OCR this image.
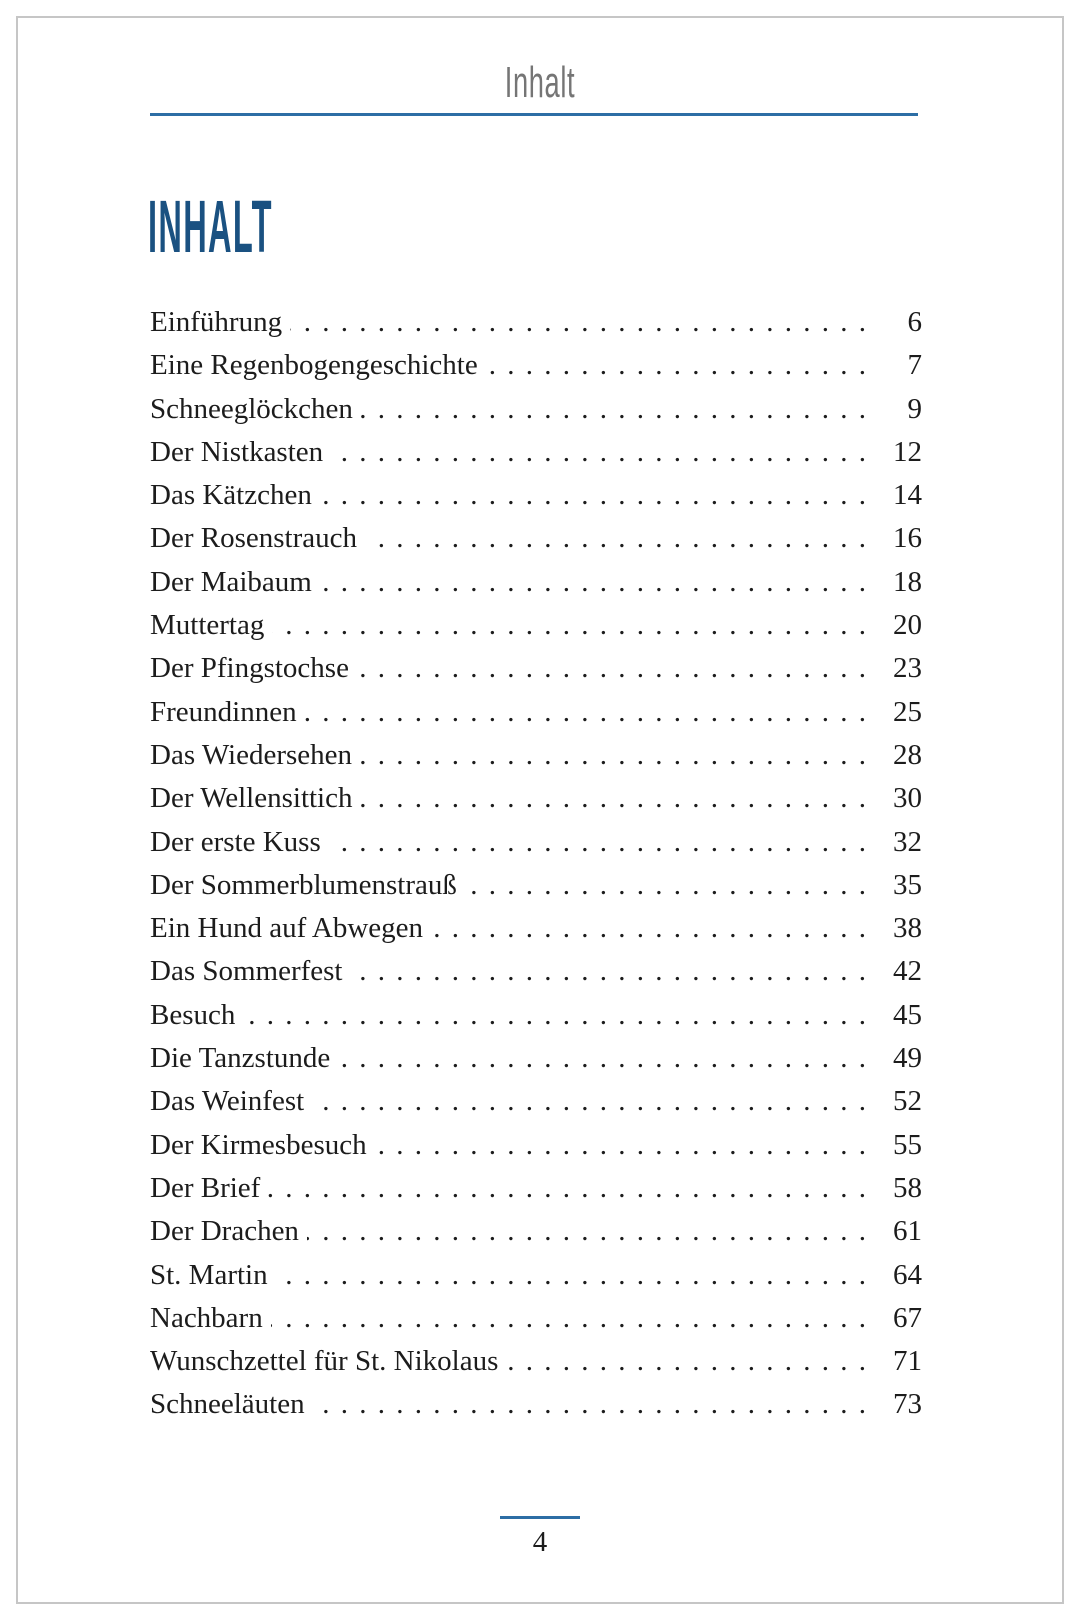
Inhalt
INHALT
Einführung . . .	6
Eine Regenbogengeschichte . . .	7
Schneeglöckchen . . .	9
Der Nistkasten . . .	12
Das Kätzchen . . .	14
Der Rosenstrauch . . .	16
Der Maibaum . . .	18
Muttertag . . .	20
Der Pfingstochse . . .	23
Freundinnen . . .	25
Das Wiedersehen . . .	28
Der Wellensittich . . .	30
Der erste Kuss . . .	32
Der Sommerblumenstrauß . . .	35
Ein Hund auf Abwegen . . .	38
Das Sommerfest . . .	42
Besuch . . .	45
Die Tanzstunde . . .	49
Das Weinfest . . .	52
Der Kirmesbesuch . . .	55
Der Brief . . .	58
Der Drachen . . .	61
St. Martin . . .	64
Nachbarn . . .	67
Wunschzettel für St. Nikolaus . . .	71
Schneeläuten . . .	73
4
